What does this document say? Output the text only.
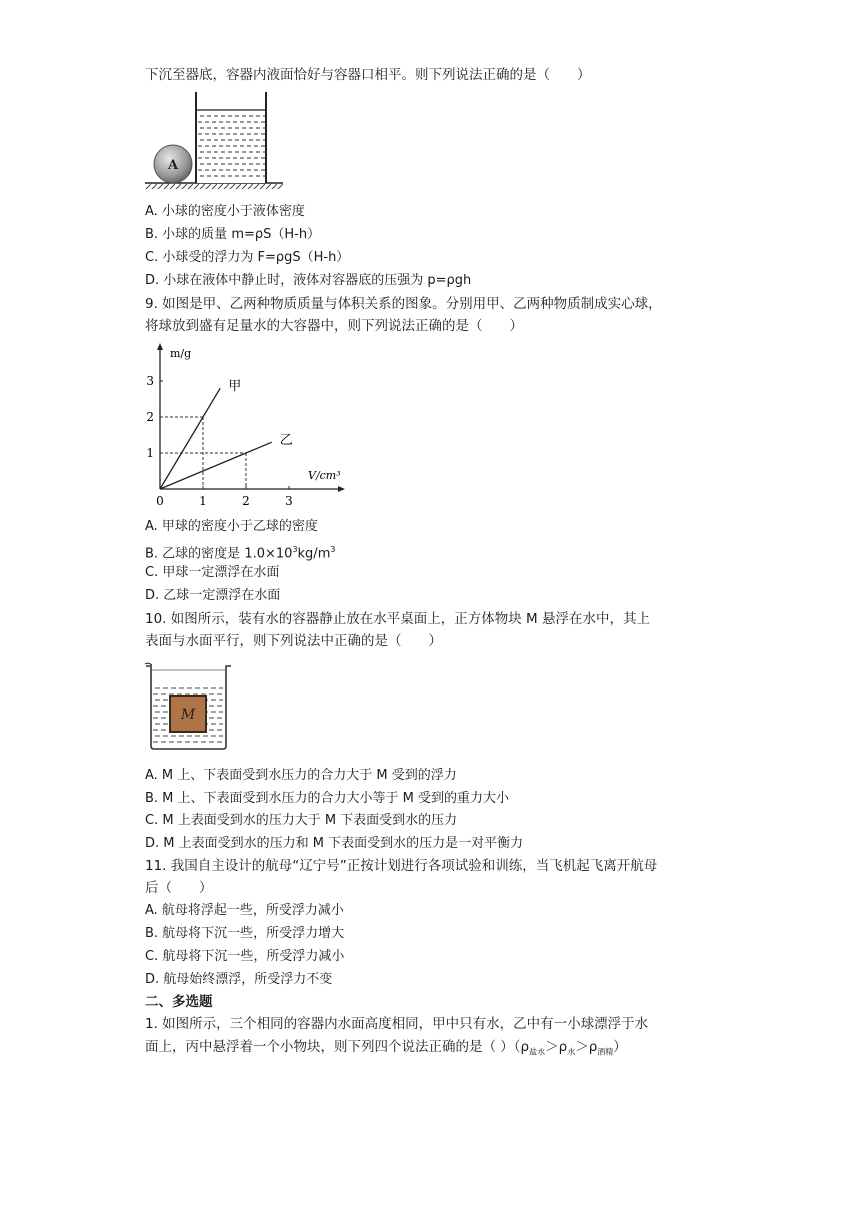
下沉至器底，容器内液面恰好与容器口相平。则下列说法正确的是（　　）
A
A. 小球的密度小于液体密度
B. 小球的质量 m=ρS（H-h）
C. 小球受的浮力为 F=ρgS（H-h）
D. 小球在液体中静止时，液体对容器底的压强为 p=ρgh
9. 如图是甲、乙两种物质质量与体积关系的图象。分别用甲、乙两种物质制成实心球，
将球放到盛有足量水的大容器中，则下列说法正确的是（　　）
0	1	2	3
1
2
3
m/g
V/cm³
甲
乙
A. 甲球的密度小于乙球的密度
B. 乙球的密度是 $1.0\times 10^3kg/m^3$
C. 甲球一定漂浮在水面
D. 乙球一定漂浮在水面
10. 如图所示，装有水的容器静止放在水平桌面上，正方体物块 M 悬浮在水中，其上
表面与水面平行，则下列说法中正确的是（　　）
M
A. M 上、下表面受到水压力的合力大于 M 受到的浮力
B. M 上、下表面受到水压力的合力大小等于 M 受到的重力大小
C. M 上表面受到水的压力大于 M 下表面受到水的压力
D. M 上表面受到水的压力和 M 下表面受到水的压力是一对平衡力
11. 我国自主设计的航母“辽宁号”正按计划进行各项试验和训练，当飞机起飞离开航母
后（　　）
A. 航母将浮起一些，所受浮力减小
B. 航母将下沉一些，所受浮力增大
C. 航母将下沉一些，所受浮力减小
D. 航母始终漂浮，所受浮力不变
二、多选题
1. 如图所示，三个相同的容器内水面高度相同，甲中只有水，乙中有一小球漂浮于水
面上，丙中悬浮着一个小物块，则下列四个说法正确的是（ ）$(\rho_{盐水}>\rho_水>\rho_{酒精})$
